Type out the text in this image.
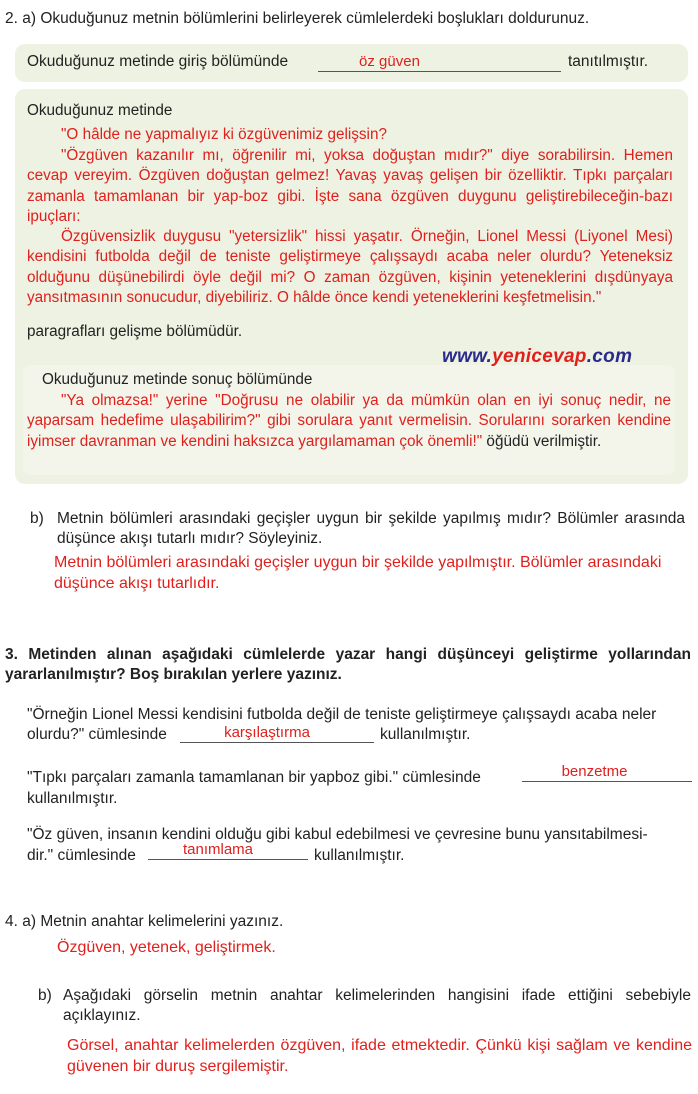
2. a) Okuduğunuz metnin bölümlerini belirleyerek cümlelerdeki boşlukları doldurunuz.
Okuduğunuz metinde giriş bölümünde	öz güven	tanıtılmıştır.
Okuduğunuz metinde
"O hâlde ne yapmalıyız ki özgüvenimiz gelişsin?
"Özgüven kazanılır mı, öğrenilir mi, yoksa doğuştan mıdır?" diye sorabilirsin. Hemen cevap vereyim. Özgüven doğuştan gelmez! Yavaş yavaş gelişen bir özelliktir. Tıpkı parçaları zamanla tamamlanan bir yap-boz gibi. İşte sana özgüven duygunu geliştirebileceğin-bazı ipuçları:
Özgüvensizlik duygusu "yetersizlik" hissi yaşatır. Örneğin, Lionel Messi (Liyonel Mesi) kendisini futbolda değil de teniste geliştirmeye çalışsaydı acaba neler olurdu? Yeteneksiz olduğunu düşünebilirdi öyle değil mi? O zaman özgüven, kişinin yeteneklerini dışdünyaya yansıtmasının sonucudur, diyebiliriz. O hâlde önce kendi yeteneklerini keşfetmelisin."
paragrafları gelişme bölümüdür.
Okuduğunuz metinde sonuç bölümünde
"Ya olmazsa!" yerine "Doğrusu ne olabilir ya da mümkün olan en iyi sonuç nedir, ne yaparsam hedefime ulaşabilirim?" gibi sorulara yanıt vermelisin. Sorularını sorarken kendine iyimser davranman ve kendini haksızca yargılamaman çok önemli!" öğüdü verilmiştir.
www.yenicevap.com
b) Metnin bölümleri arasındaki geçişler uygun bir şekilde yapılmış mıdır? Bölümler arasında düşünce akışı tutarlı mıdır? Söyleyiniz.
Metnin bölümleri arasındaki geçişler uygun bir şekilde yapılmıştır. Bölümler arasındaki düşünce akışı tutarlıdır.
3. Metinden alınan aşağıdaki cümlelerde yazar hangi düşünceyi geliştirme yollarından yararlanılmıştır? Boş bırakılan yerlere yazınız.
"Örneğin Lionel Messi kendisini futbolda değil de teniste geliştirmeye çalışsaydı acaba neler
olurdu?" cümlesinde	karşılaştırma	kullanılmıştır.
"Tıpkı parçaları zamanla tamamlanan bir yapboz gibi." cümlesinde	benzetme
kullanılmıştır.
"Öz güven, insanın kendini olduğu gibi kabul edebilmesi ve çevresine bunu yansıtabilmesi-
dir." cümlesinde	tanımlama	kullanılmıştır.
4. a) Metnin anahtar kelimelerini yazınız.
Özgüven, yetenek, geliştirmek.
b) Aşağıdaki görselin metnin anahtar kelimelerinden hangisini ifade ettiğini sebebiyle açıklayınız.
Görsel, anahtar kelimelerden özgüven, ifade etmektedir. Çünkü kişi sağlam ve kendine güvenen bir duruş sergilemiştir.
